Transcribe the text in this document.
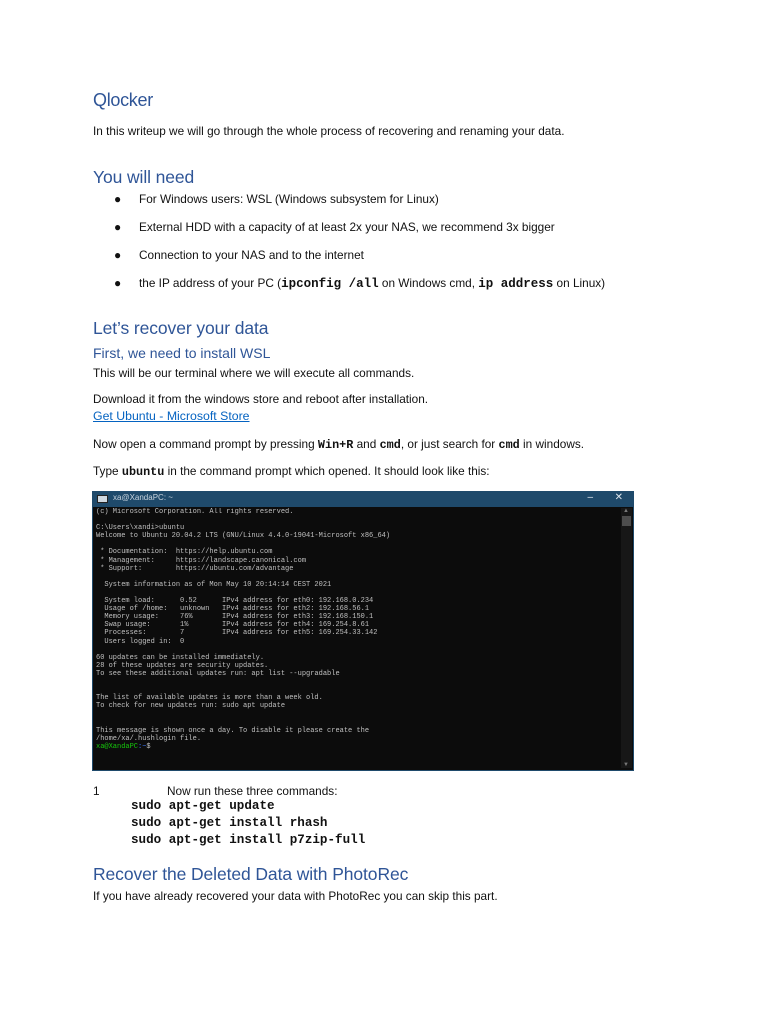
Qlocker
In this writeup we will go through the whole process of recovering and renaming your data.
You will need
● For Windows users: WSL (Windows subsystem for Linux)
● External HDD with a capacity of at least 2x your NAS, we recommend 3x bigger
● Connection to your NAS and to the internet
● the IP address of your PC (ipconfig /all on Windows cmd, ip address on Linux)
Let’s recover your data
First, we need to install WSL
This will be our terminal where we will execute all commands.
Download it from the windows store and reboot after installation.
Get Ubuntu - Microsoft Store
Now open a command prompt by pressing Win+R and cmd, or just search for cmd in windows.
Type ubuntu in the command prompt which opened. It should look like this:
xa@XandaPC: ~	– ✕
(c) Microsoft Corporation. All rights reserved.
C:\Users\xandi>ubuntu
Welcome to Ubuntu 20.04.2 LTS (GNU/Linux 4.4.0-19041-Microsoft x86_64)
* Documentation:  https://help.ubuntu.com
* Management:     https://landscape.canonical.com
* Support:        https://ubuntu.com/advantage
System information as of Mon May 10 20:14:14 CEST 2021
System load:      0.52      IPv4 address for eth0: 192.168.0.234
Usage of /home:   unknown   IPv4 address for eth2: 192.168.56.1
Memory usage:     76%       IPv4 address for eth3: 192.168.150.1
Swap usage:       1%        IPv4 address for eth4: 169.254.8.61
Processes:        7         IPv4 address for eth5: 169.254.33.142
Users logged in:  0
60 updates can be installed immediately.
28 of these updates are security updates.
To see these additional updates run: apt list --upgradable
The list of available updates is more than a week old.
To check for new updates run: sudo apt update
This message is shown once a day. To disable it please create the
/home/xa/.hushlogin file.
xa@XandaPC:~$
▲
▼
1	Now run these three commands:
sudo apt-get update
sudo apt-get install rhash
sudo apt-get install p7zip-full
Recover the Deleted Data with PhotoRec
If you have already recovered your data with PhotoRec you can skip this part.
